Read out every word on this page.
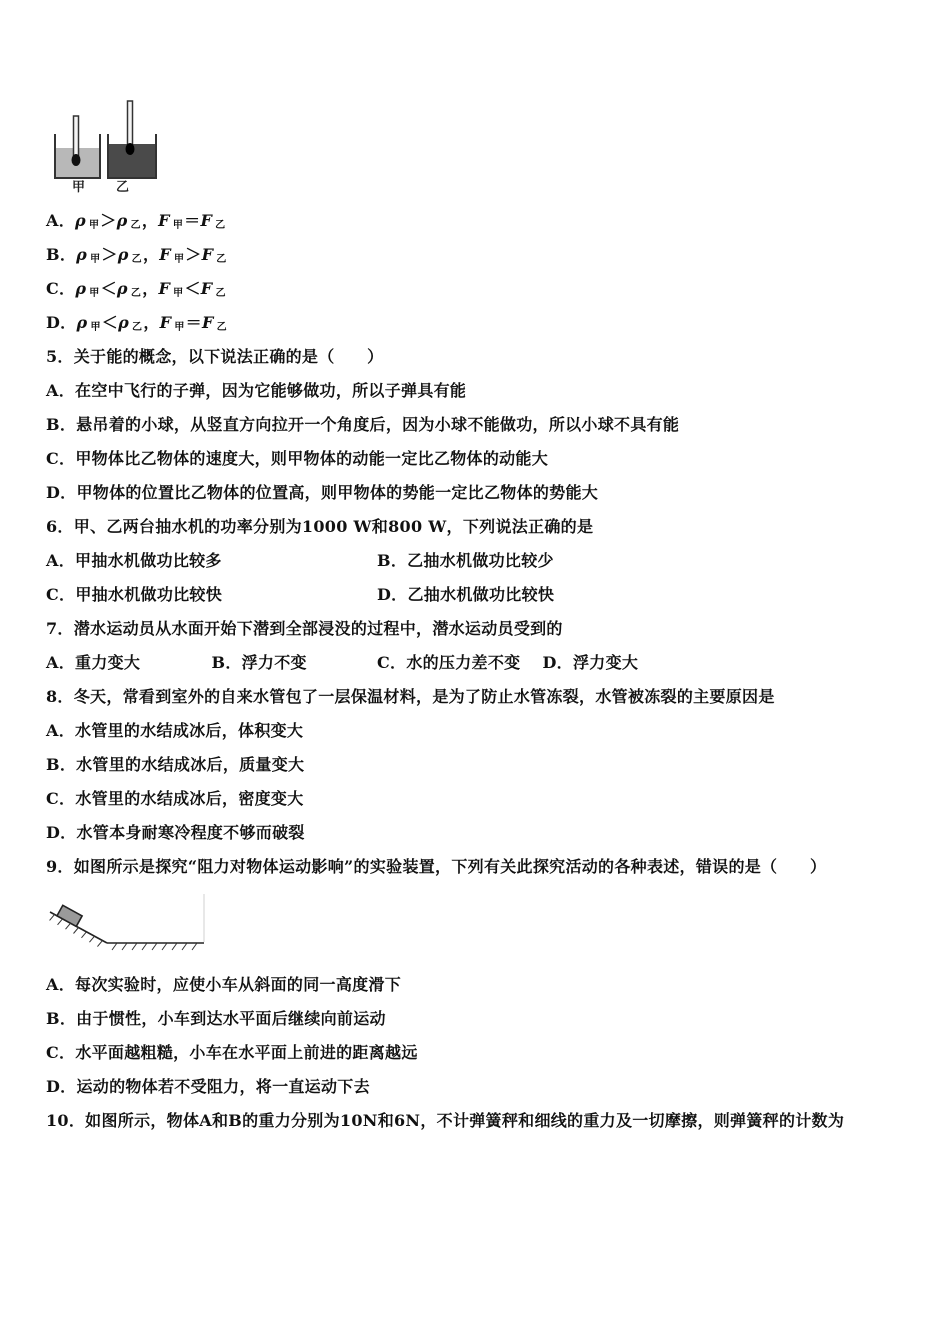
甲 乙
A．ρ $_甲$＞ρ $_乙$，F $_甲$＝F $_乙$
B．ρ $_甲$＞ρ $_乙$，F $_甲$＞F $_乙$
C．ρ $_甲$＜ρ $_乙$，F $_甲$＜F $_乙$
D．ρ $_甲$＜ρ $_乙$，F $_甲$＝F $_乙$
5．关于能的概念，以下说法正确的是（　　）
A．在空中飞行的子弹，因为它能够做功，所以子弹具有能
B．悬吊着的小球，从竖直方向拉开一个角度后，因为小球不能做功，所以小球不具有能
C．甲物体比乙物体的速度大，则甲物体的动能一定比乙物体的动能大
D．甲物体的位置比乙物体的位置高，则甲物体的势能一定比乙物体的势能大
6．甲、乙两台抽水机的功率分别为1000 W和800 W，下列说法正确的是
A．甲抽水机做功比较多	B．乙抽水机做功比较少
C．甲抽水机做功比较快	D．乙抽水机做功比较快
7．潜水运动员从水面开始下潜到全部浸没的过程中，潜水运动员受到的
A．重力变大	B．浮力不变	C．水的压力差不变 D．浮力变大
8．冬天，常看到室外的自来水管包了一层保温材料，是为了防止水管冻裂，水管被冻裂的主要原因是
A．水管里的水结成冰后，体积变大
B．水管里的水结成冰后，质量变大
C．水管里的水结成冰后，密度变大
D．水管本身耐寒冷程度不够而破裂
9．如图所示是探究“阻力对物体运动影响”的实验装置，下列有关此探究活动的各种表述，错误的是（　　）
A．每次实验时，应使小车从斜面的同一高度滑下
B．由于惯性，小车到达水平面后继续向前运动
C．水平面越粗糙，小车在水平面上前进的距离越远
D．运动的物体若不受阻力，将一直运动下去
10．如图所示，物体A和B的重力分别为10N和6N，不计弹簧秤和细线的重力及一切摩擦，则弹簧秤的计数为
